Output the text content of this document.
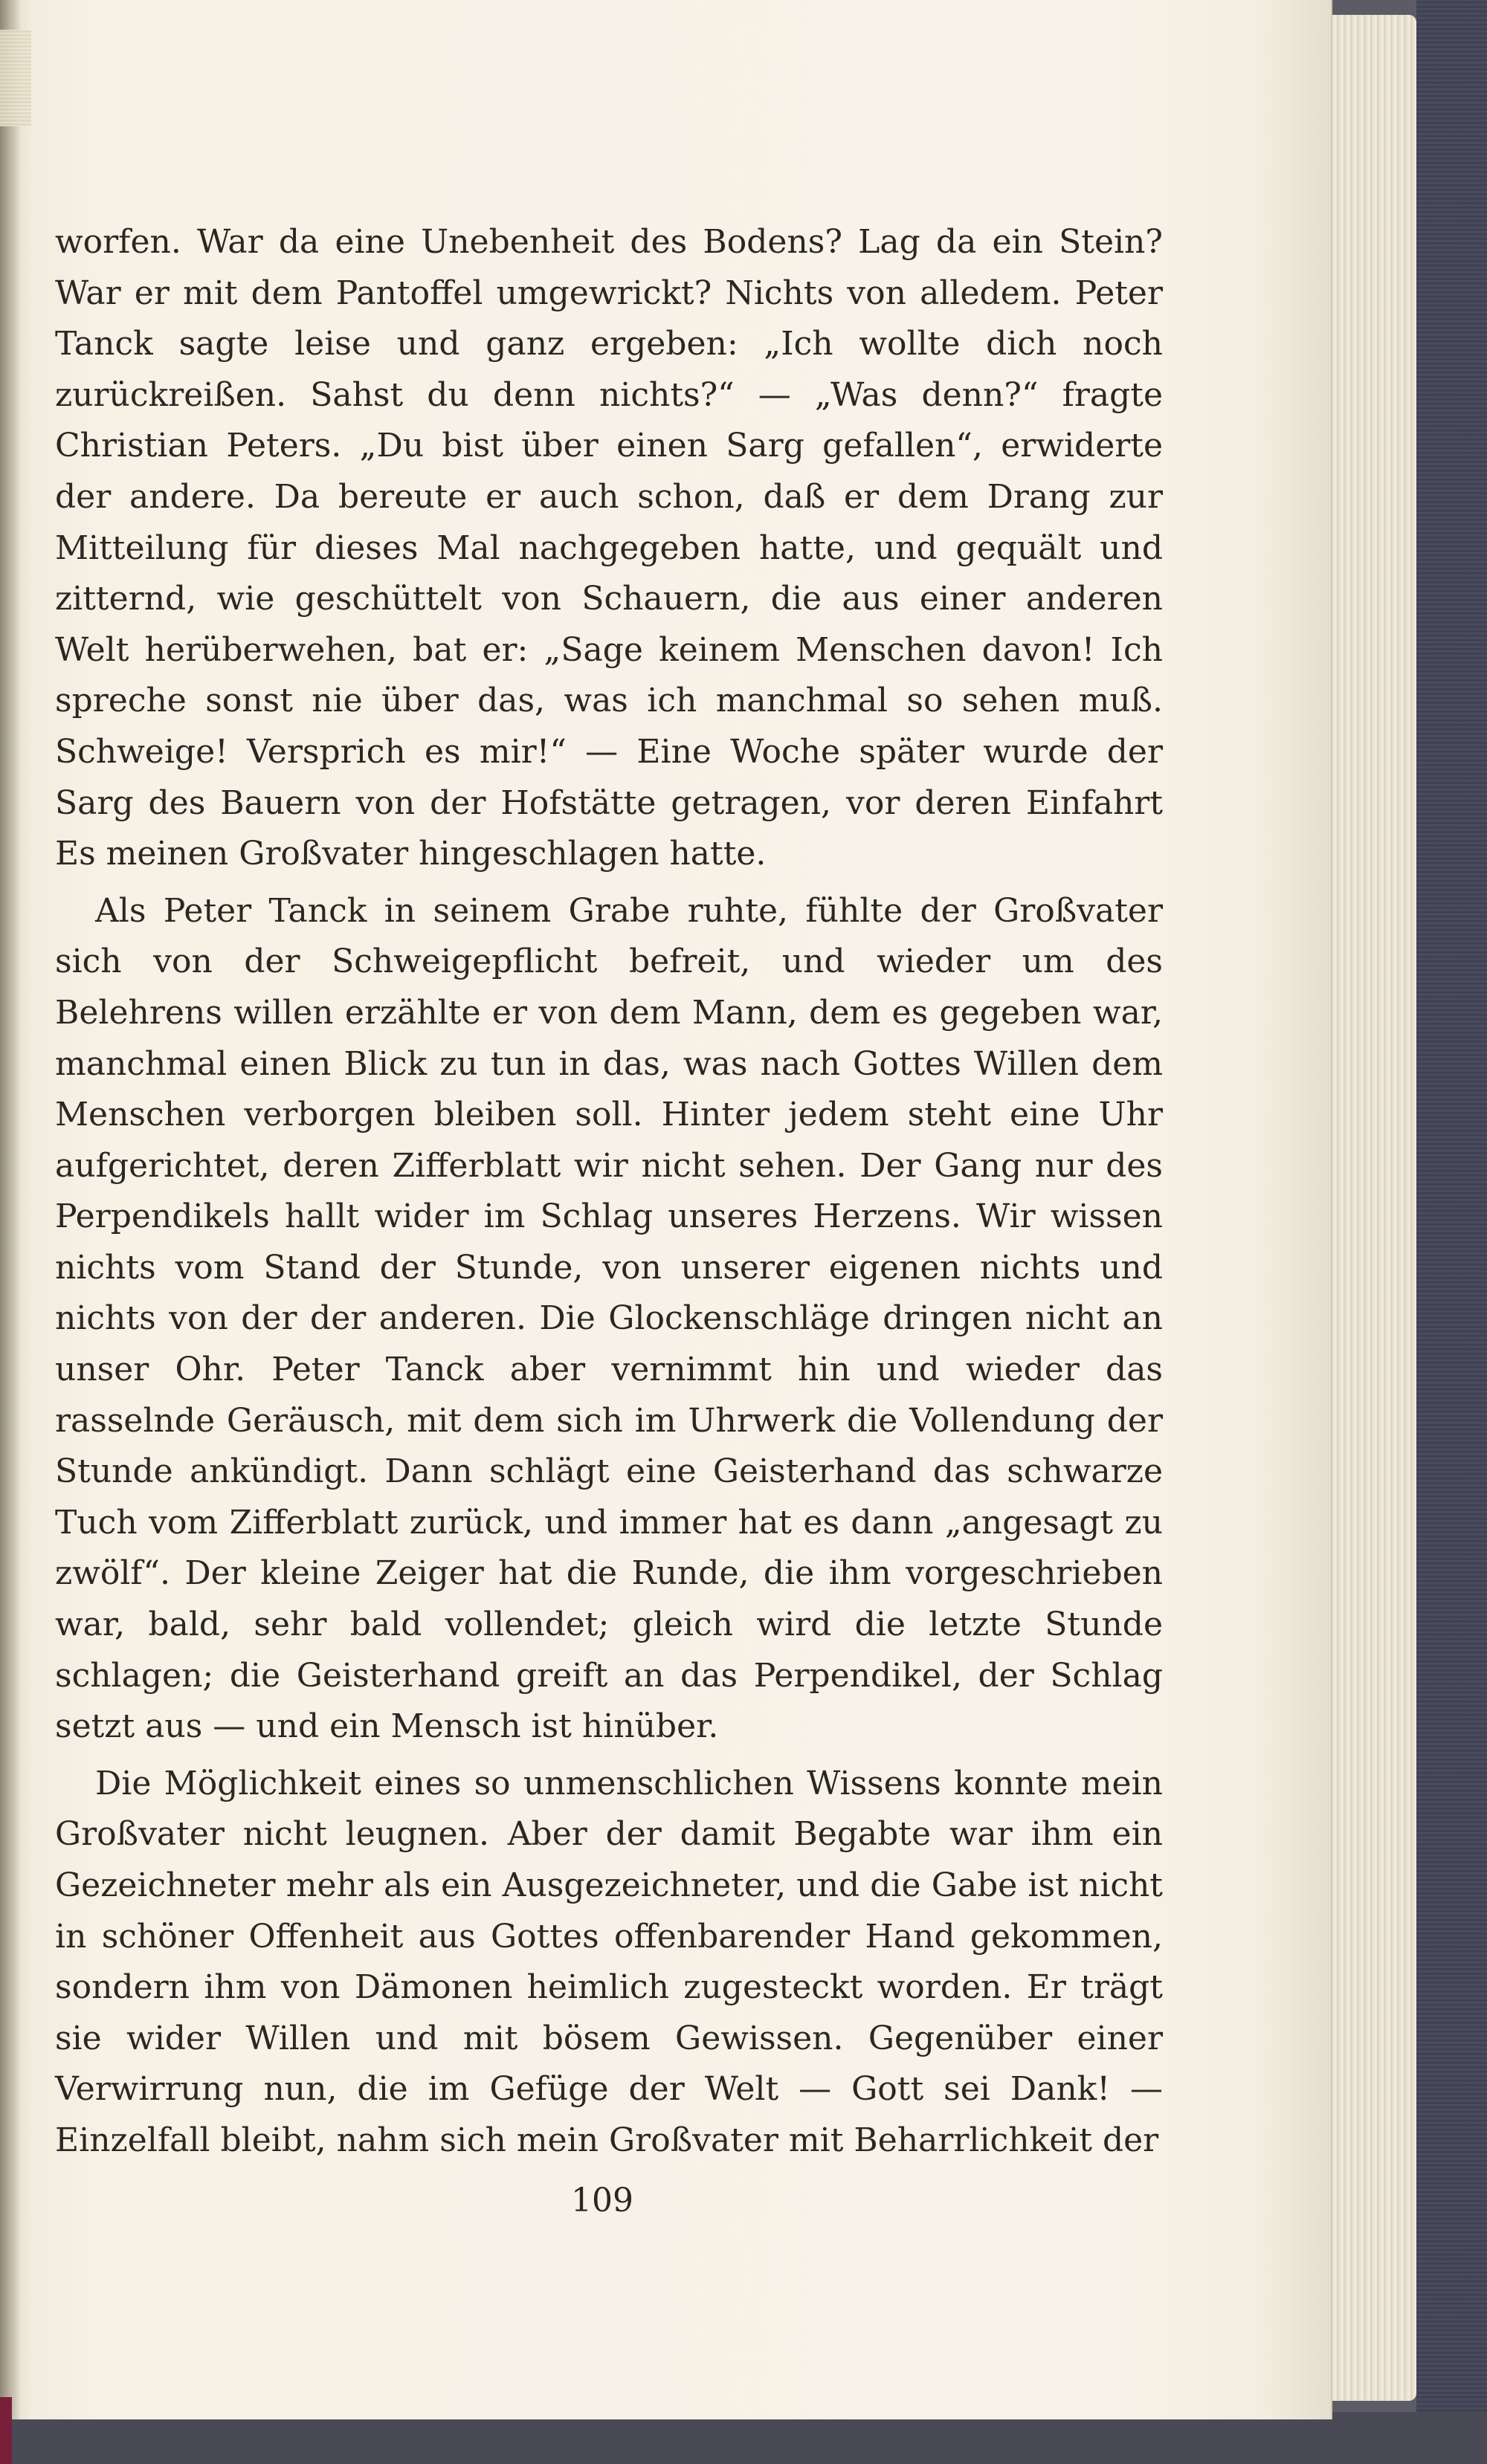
worfen. War da eine Unebenheit des Bodens? Lag da ein Stein? War er mit dem Pantoffel umgewrickt? Nichts von alledem. Peter Tanck sagte leise und ganz ergeben: „Ich wollte dich noch zurückreißen. Sahst du denn nichts?“ — „Was denn?“ fragte Christian Peters. „Du bist über einen Sarg gefallen“, erwiderte der andere. Da bereute er auch schon, daß er dem Drang zur Mitteilung für dieses Mal nachgegeben hatte, und gequält und zitternd, wie geschüttelt von Schauern, die aus einer anderen Welt herüberwehen, bat er: „Sage keinem Menschen davon! Ich spreche sonst nie über das, was ich manchmal so sehen muß. Schweige! Versprich es mir!“ — Eine Woche später wurde der Sarg des Bauern von der Hofstätte getragen, vor deren Einfahrt Es meinen Großvater hingeschlagen hatte.

Als Peter Tanck in seinem Grabe ruhte, fühlte der Großvater sich von der Schweigepflicht befreit, und wieder um des Belehrens willen erzählte er von dem Mann, dem es gegeben war, manchmal einen Blick zu tun in das, was nach Gottes Willen dem Menschen verborgen bleiben soll. Hinter jedem steht eine Uhr aufgerichtet, deren Zifferblatt wir nicht sehen. Der Gang nur des Perpendikels hallt wider im Schlag unseres Herzens. Wir wissen nichts vom Stand der Stunde, von unserer eigenen nichts und nichts von der der anderen. Die Glockenschläge dringen nicht an unser Ohr. Peter Tanck aber vernimmt hin und wieder das rasselnde Geräusch, mit dem sich im Uhrwerk die Vollendung der Stunde ankündigt. Dann schlägt eine Geisterhand das schwarze Tuch vom Zifferblatt zurück, und immer hat es dann „angesagt zu zwölf“. Der kleine Zeiger hat die Runde, die ihm vorgeschrieben war, bald, sehr bald vollendet; gleich wird die letzte Stunde schlagen; die Geisterhand greift an das Perpendikel, der Schlag setzt aus — und ein Mensch ist hinüber.

Die Möglichkeit eines so unmenschlichen Wissens konnte mein Großvater nicht leugnen. Aber der damit Begabte war ihm ein Gezeichneter mehr als ein Ausgezeichneter, und die Gabe ist nicht in schöner Offenheit aus Gottes offenbarender Hand gekommen, sondern ihm von Dämonen heimlich zugesteckt worden. Er trägt sie wider Willen und mit bösem Gewissen. Gegenüber einer Verwirrung nun, die im Gefüge der Welt — Gott sei Dank! — Einzelfall bleibt, nahm sich mein Großvater mit Beharrlichkeit der

109
